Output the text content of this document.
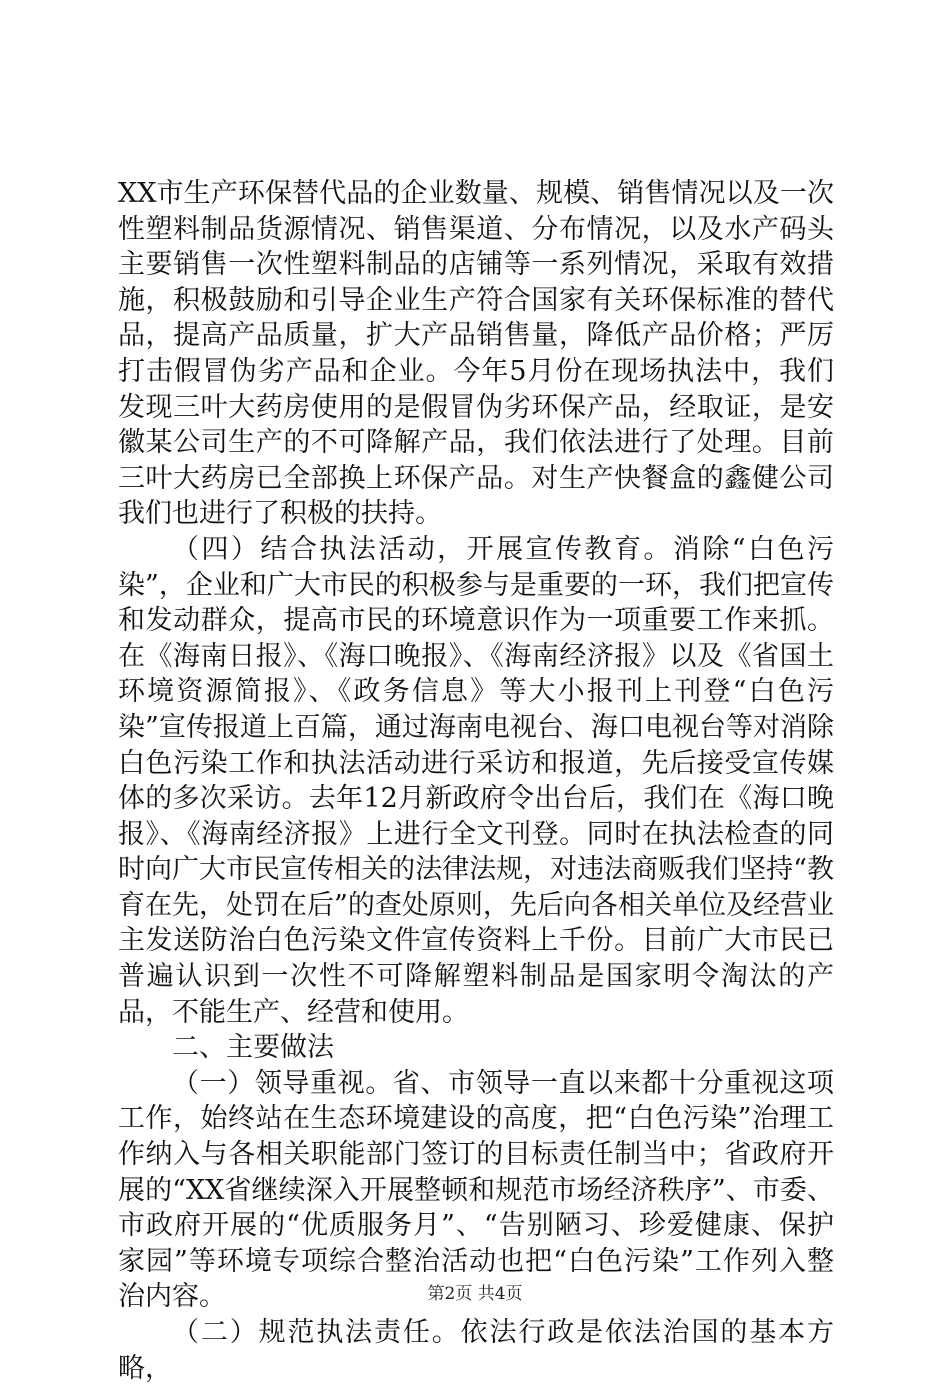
XX市生产环保替代品的企业数量、规模、销售情况以及一次性塑料制品货源情况、销售渠道、分布情况，以及水产码头主要销售一次性塑料制品的店铺等一系列情况，采取有效措施，积极鼓励和引导企业生产符合国家有关环保标准的替代品，提高产品质量，扩大产品销售量，降低产品价格；严厉打击假冒伪劣产品和企业。今年5月份在现场执法中，我们发现三叶大药房使用的是假冒伪劣环保产品，经取证，是安徽某公司生产的不可降解产品，我们依法进行了处理。目前三叶大药房已全部换上环保产品。对生产快餐盒的鑫健公司我们也进行了积极的扶持。

（四）结合执法活动，开展宣传教育。消除“白色污染”，企业和广大市民的积极参与是重要的一环，我们把宣传和发动群众，提高市民的环境意识作为一项重要工作来抓。在《海南日报》、《海口晚报》、《海南经济报》以及《省国土环境资源简报》、《政务信息》等大小报刊上刊登“白色污染”宣传报道上百篇，通过海南电视台、海口电视台等对消除白色污染工作和执法活动进行采访和报道，先后接受宣传媒体的多次采访。去年12月新政府令出台后，我们在《海口晚报》、《海南经济报》上进行全文刊登。同时在执法检查的同时向广大市民宣传相关的法律法规，对违法商贩我们坚持“教育在先，处罚在后”的查处原则，先后向各相关单位及经营业主发送防治白色污染文件宣传资料上千份。目前广大市民已普遍认识到一次性不可降解塑料制品是国家明令淘汰的产品，不能生产、经营和使用。

二、主要做法

（一）领导重视。省、市领导一直以来都十分重视这项工作，始终站在生态环境建设的高度，把“白色污染”治理工作纳入与各相关职能部门签订的目标责任制当中；省政府开展的“XX省继续深入开展整顿和规范市场经济秩序”、市委、市政府开展的“优质服务月”、“告别陋习、珍爱健康、保护家园”等环境专项综合整治活动也把“白色污染”工作列入整治内容。

（二）规范执法责任。依法行政是依法治国的基本方略，

第2页 共4页
